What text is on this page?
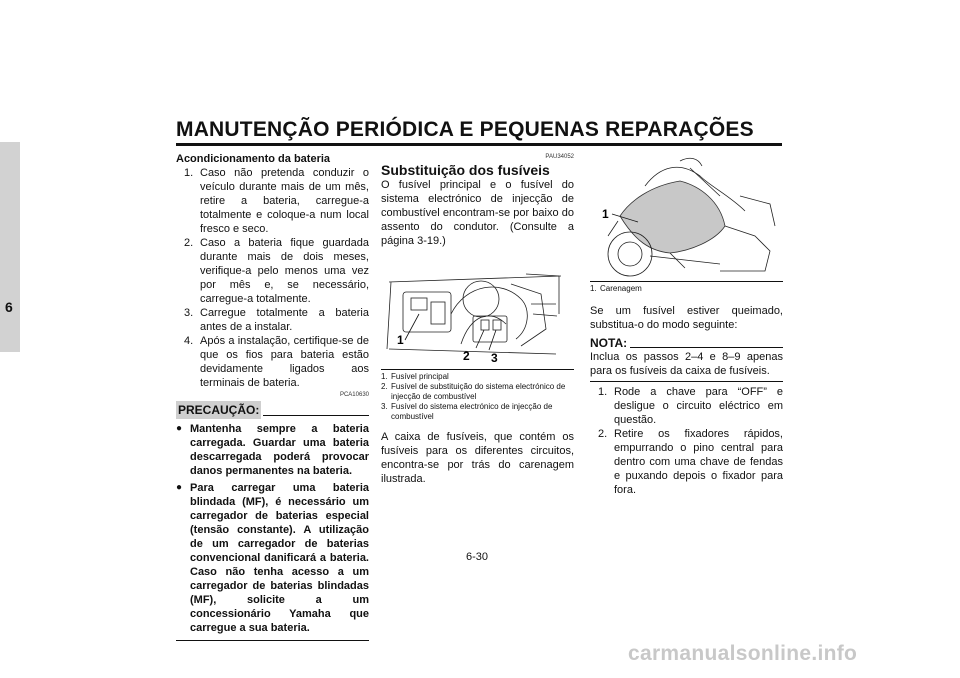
MANUTENÇÃO PERIÓDICA E PEQUENAS REPARAÇÕES
6
Acondicionamento da bateria
1. Caso não pretenda conduzir o veículo durante mais de um mês, retire a bateria, carregue-a totalmente e coloque-a num local fresco e seco.
2. Caso a bateria fique guardada durante mais de dois meses, verifique-a pelo menos uma vez por mês e, se necessário, carregue-a totalmente.
3. Carregue totalmente a bateria antes de a instalar.
4. Após a instalação, certifique-se de que os fios para bateria estão devidamente ligados aos terminais de bateria.
PCA10630
PRECAUÇÃO:
● Mantenha sempre a bateria carregada. Guardar uma bateria descarregada poderá provocar danos permanentes na bateria.
● Para carregar uma bateria blindada (MF), é necessário um carregador de baterias especial (tensão constante). A utilização de um carregador de baterias convencional danificará a bateria. Caso não tenha acesso a um carregador de baterias blindadas (MF), solicite a um concessionário Yamaha que carregue a sua bateria.
PAU34052
Substituição dos fusíveis
O fusível principal e o fusível do sistema electrónico de injecção de combustível encontram-se por baixo do assento do condutor. (Consulte a página 3-19.)
1
2 3
1. Fusível principal
2. Fusível de substituição do sistema electrónico de injecção de combustível
3. Fusível do sistema electrónico de injecção de combustível
A caixa de fusíveis, que contém os fusíveis para os diferentes circuitos, encontra-se por trás do carenagem ilustrada.
1
1. Carenagem
Se um fusível estiver queimado, substitua-o do modo seguinte:
NOTA:
Inclua os passos 2–4 e 8–9 apenas para os fusíveis da caixa de fusíveis.
1. Rode a chave para “OFF” e desligue o circuito eléctrico em questão.
2. Retire os fixadores rápidos, empurrando o pino central para dentro com uma chave de fendas e puxando depois o fixador para fora.
6-30
carmanualsonline.info
